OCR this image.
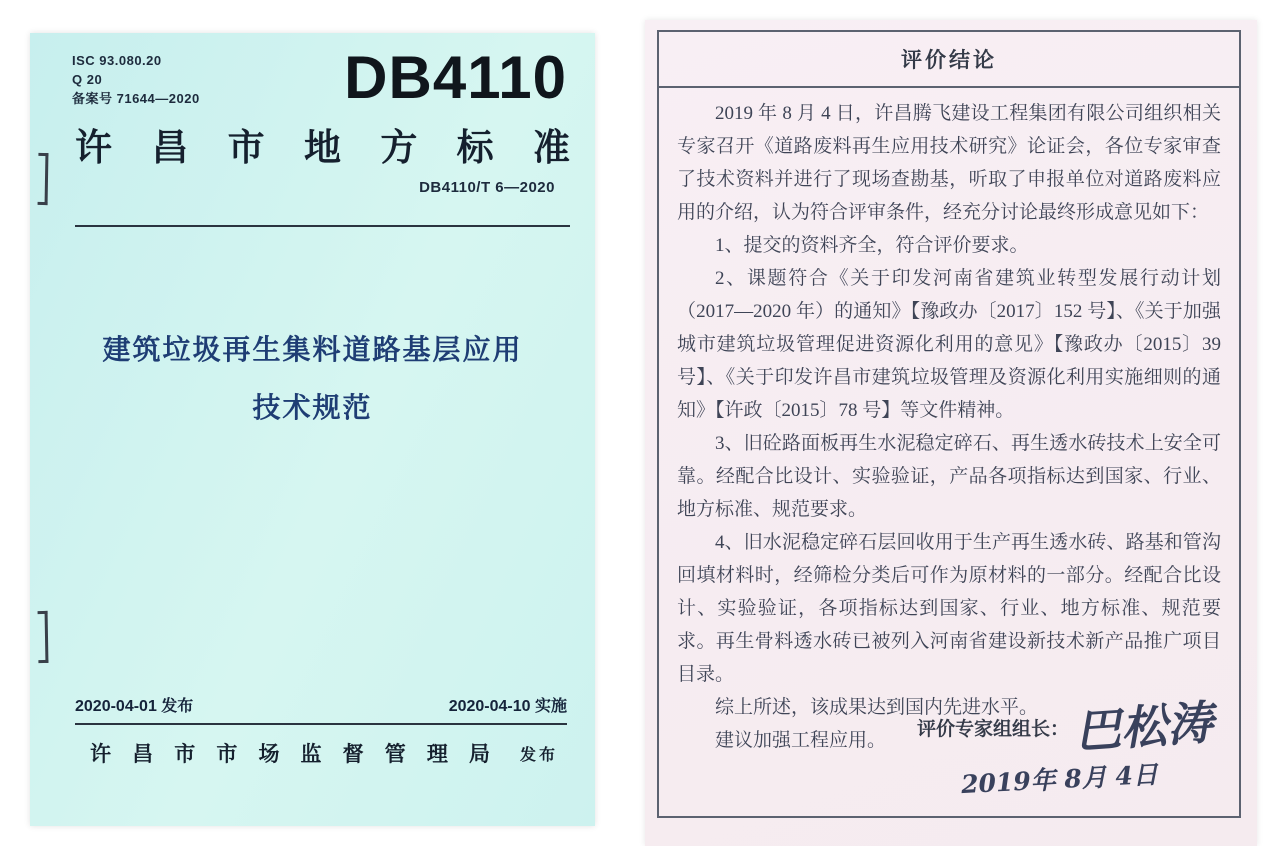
ISC 93.080.20
Q 20
备案号 71644—2020 DB4110
许昌市地方标准
DB4110/T 6—2020
建筑垃圾再生集料道路基层应用
技术规范
2020-04-01 发布	2020-04-10 实施
许昌市市场监督管理局 发布
评价结论

2019 年 8 月 4 日，许昌腾飞建设工程集团有限公司组织相关专家召开《道路废料再生应用技术研究》论证会，各位专家审查了技术资料并进行了现场查勘基，听取了申报单位对道路废料应用的介绍，认为符合评审条件，经充分讨论最终形成意见如下：

1、提交的资料齐全，符合评价要求。

2、课题符合《关于印发河南省建筑业转型发展行动计划（2017—2020 年）的通知》【豫政办〔2017〕152 号】、《关于加强城市建筑垃圾管理促进资源化利用的意见》【豫政办〔2015〕39 号】、《关于印发许昌市建筑垃圾管理及资源化利用实施细则的通知》【许政〔2015〕78 号】等文件精神。

3、旧砼路面板再生水泥稳定碎石、再生透水砖技术上安全可靠。经配合比设计、实验验证，产品各项指标达到国家、行业、地方标准、规范要求。

4、旧水泥稳定碎石层回收用于生产再生透水砖、路基和管沟回填材料时，经筛检分类后可作为原材料的一部分。经配合比设计、实验验证，各项指标达到国家、行业、地方标准、规范要求。再生骨料透水砖已被列入河南省建设新技术新产品推广项目目录。

综上所述，该成果达到国内先进水平。

建议加强工程应用。

评价专家组组长： 巴松涛
2019年 8月 4日
